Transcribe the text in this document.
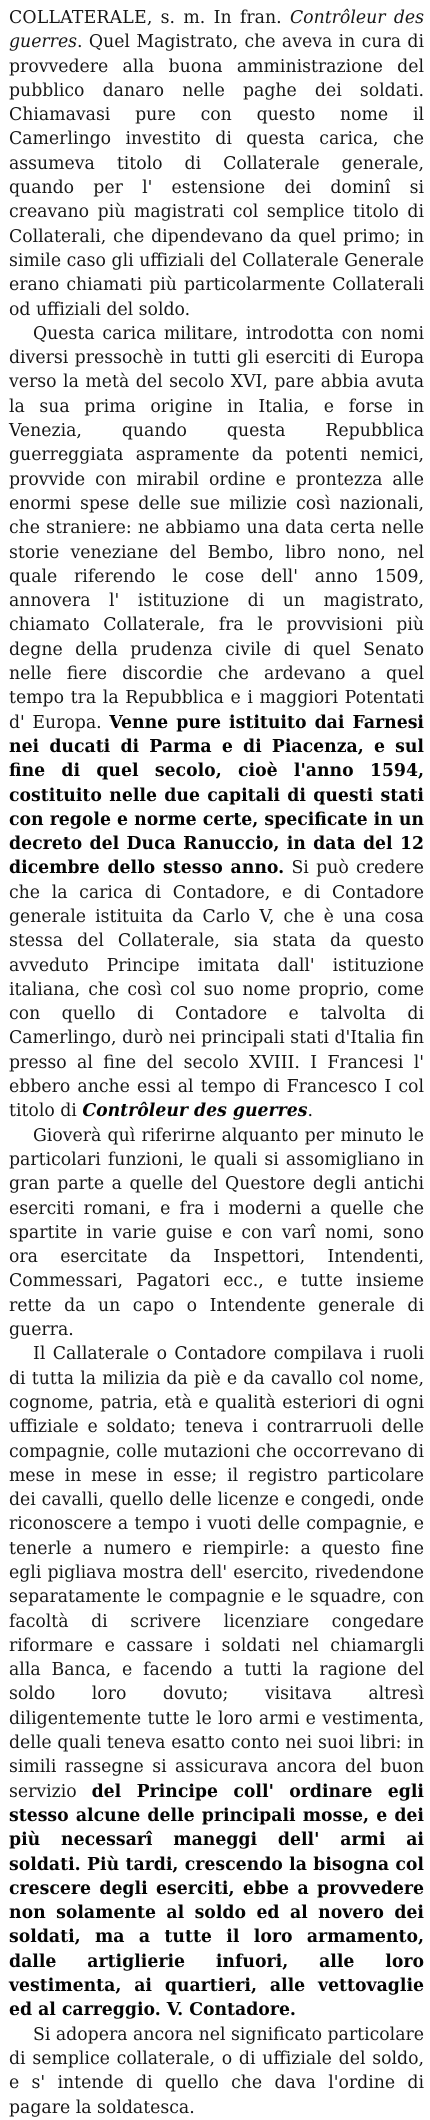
COLLATERALE, s. m. In fran. Contrôleur des guerres. Quel Magistrato, che aveva in cura di provvedere alla buona amministrazione del pubblico danaro nelle paghe dei soldati. Chiamavasi pure con questo nome il Camerlingo investito di questa carica, che assumeva titolo di Collaterale generale, quando per l' estensione dei dominî si creavano più magistrati col semplice titolo di Collaterali, che dipendevano da quel primo; in simile caso gli uffiziali del Collaterale Generale erano chiamati più particolarmente Collaterali od uffiziali del soldo.

Questa carica militare, introdotta con nomi diversi pressochè in tutti gli eserciti di Europa verso la metà del secolo XVI, pare abbia avuta la sua prima origine in Italia, e forse in Venezia, quando questa Repubblica guerreggiata aspramente da potenti nemici, provvide con mirabil ordine e prontezza alle enormi spese delle sue milizie così nazionali, che straniere: ne abbiamo una data certa nelle storie veneziane del Bembo, libro nono, nel quale riferendo le cose dell' anno 1509, annovera l' istituzione di un magistrato, chiamato Collaterale, fra le provvisioni più degne della prudenza civile di quel Senato nelle fiere discordie che ardevano a quel tempo tra la Repubblica e i maggiori Potentati d' Europa. Venne pure istituito dai Farnesi nei ducati di Parma e di Piacenza, e sul fine di quel secolo, cioè l'anno 1594, costituito nelle due capitali di questi stati con regole e norme certe, specificate in un decreto del Duca Ranuccio, in data del 12 dicembre dello stesso anno. Si può credere che la carica di Contadore, e di Contadore generale istituita da Carlo V, che è una cosa stessa del Collaterale, sia stata da questo avveduto Principe imitata dall' istituzione italiana, che così col suo nome proprio, come con quello di Contadore e talvolta di Camerlingo, durò nei principali stati d'Italia fin presso al fine del secolo XVIII. I Francesi l' ebbero anche essi al tempo di Francesco I col titolo di Contrôleur des guerres.

Gioverà quì riferirne alquanto per minuto le particolari funzioni, le quali si assomigliano in gran parte a quelle del Questore degli antichi eserciti romani, e fra i moderni a quelle che spartite in varie guise e con varî nomi, sono ora esercitate da Inspettori, Intendenti, Commessari, Pagatori ecc., e tutte insieme rette da un capo o Intendente generale di guerra.

Il Callaterale o Contadore compilava i ruoli di tutta la milizia da piè e da cavallo col nome, cognome, patria, età e qualità esteriori di ogni uffiziale e soldato; teneva i contrarruoli delle compagnie, colle mutazioni che occorrevano di mese in mese in esse; il registro particolare dei cavalli, quello delle licenze e congedi, onde riconoscere a tempo i vuoti delle compagnie, e tenerle a numero e riempirle: a questo fine egli pigliava mostra dell' esercito, rivedendone separatamente le compagnie e le squadre, con facoltà di scrivere licenziare congedare riformare e cassare i soldati nel chiamargli alla Banca, e facendo a tutti la ragione del soldo loro dovuto; visitava altresì diligentemente tutte le loro armi e vestimenta, delle quali teneva esatto conto nei suoi libri: in simili rassegne si assicurava ancora del buon servizio del Principe coll' ordinare egli stesso alcune delle principali mosse, e dei più necessarî maneggi dell' armi ai soldati. Più tardi, crescendo la bisogna col crescere degli eserciti, ebbe a provvedere non solamente al soldo ed al novero dei soldati, ma a tutte il loro armamento, dalle artiglierie infuori, alle loro vestimenta, ai quartieri, alle vettovaglie ed al carreggio. V. Contadore.

Si adopera ancora nel significato particolare di semplice collaterale, o di uffiziale del soldo, e s' intende di quello che dava l'ordine di pagare la soldatesca.
